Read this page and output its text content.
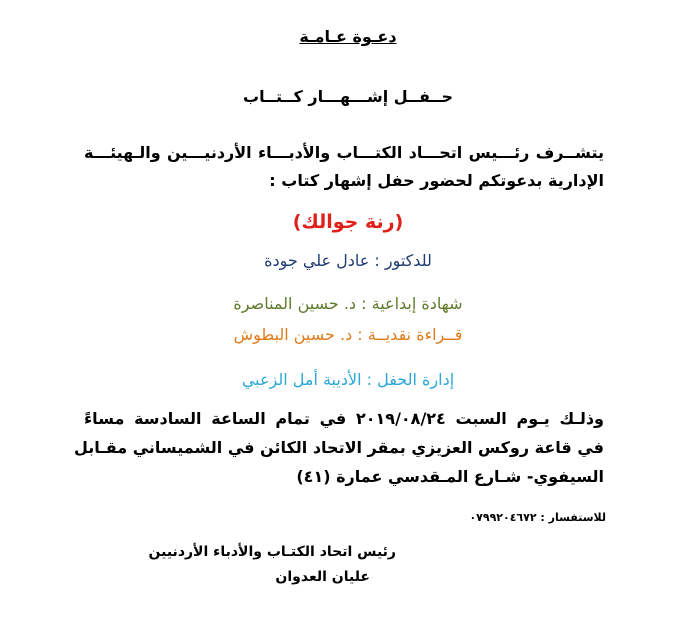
دعـوة عـامـة
حــفــل إشـــهـــار كــتــاب
يتشــرف رئـــيس اتحـــاد الكتـــاب والأدبـــاء الأردنيـــين والـهيئـــة
الإدارية بدعوتكم لحضور حفل إشهار كتاب :
(رنة جوالك)
للدكتور : عادل علي جودة
شهادة إبداعية : د. حسين المناصرة
قــراءة نقديــة : د. حسين البطوش
إدارة الحفل : الأديبة أمل الزعبي
وذلـك يـوم السبت ٢٠١٩/٠٨/٢٤ في تمام الساعة السادسة مساءً
في قاعة روكس العزيزي بمقر الاتحاد الكائن في الشميساني مقـابل
السيفوي- شـارع المـقدسي عمارة (٤١)
للاستفسار : ٠٧٩٩٢٠٤٦٧٢
رئيس اتحاد الكتـاب والأدباء الأردنيين
عليان العدوان
